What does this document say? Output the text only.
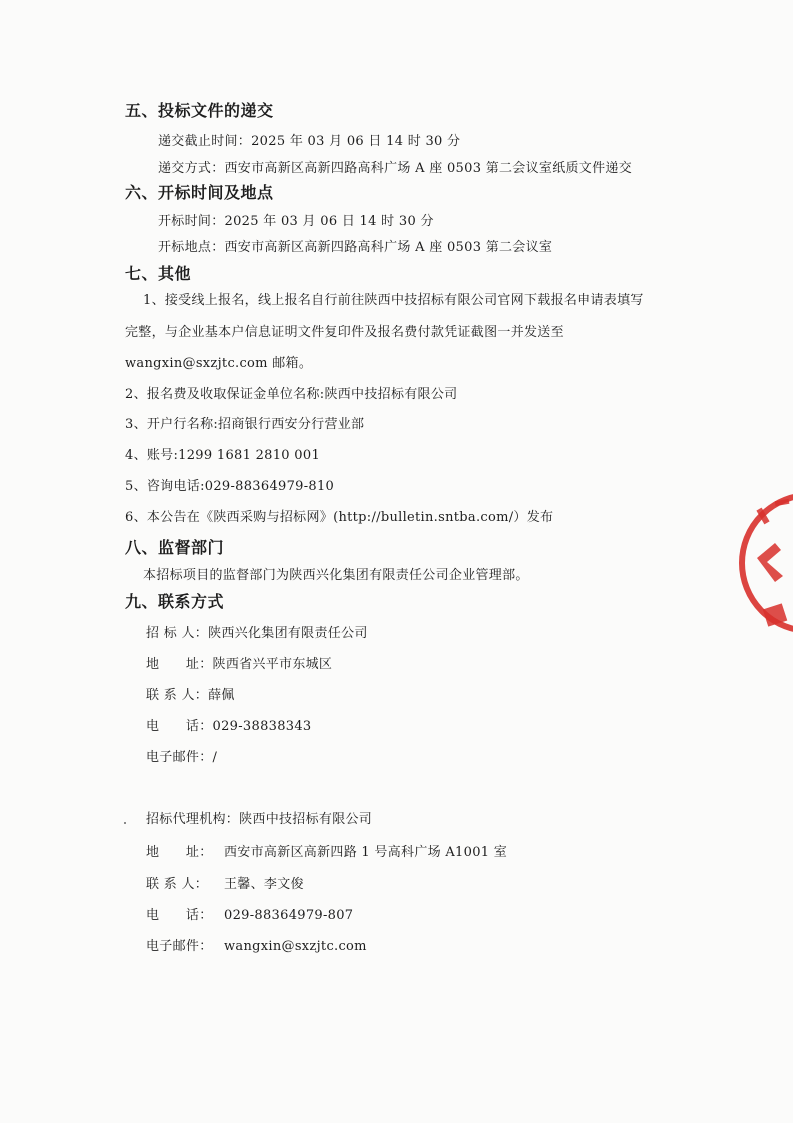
五、投标文件的递交
递交截止时间：2025 年 03 月 06 日 14 时 30 分
递交方式：西安市高新区高新四路高科广场 A 座 0503 第二会议室纸质文件递交
六、开标时间及地点
开标时间：2025 年 03 月 06 日 14 时 30 分
开标地点：西安市高新区高新四路高科广场 A 座 0503 第二会议室
七、其他
1、接受线上报名，线上报名自行前往陕西中技招标有限公司官网下载报名申请表填写
完整，与企业基本户信息证明文件复印件及报名费付款凭证截图一并发送至
wangxin@sxzjtc.com 邮箱。
2、报名费及收取保证金单位名称:陕西中技招标有限公司
3、开户行名称:招商银行西安分行营业部
4、账号:1299 1681 2810 001
5、咨询电话:029-88364979-810
6、本公告在《陕西采购与招标网》(http://bulletin.sntba.com/）发布
八、监督部门
本招标项目的监督部门为陕西兴化集团有限责任公司企业管理部。
九、联系方式
招 标 人：陕西兴化集团有限责任公司
地　　址：陕西省兴平市东城区
联 系 人：薛佩
电　　话：029-38838343
电子邮件：/
招标代理机构：陕西中技招标有限公司
地　　址： 西安市高新区高新四路 1 号高科广场 A1001 室
联 系 人： 王馨、李文俊
电　　话： 029-88364979-807
电子邮件： wangxin@sxzjtc.com
